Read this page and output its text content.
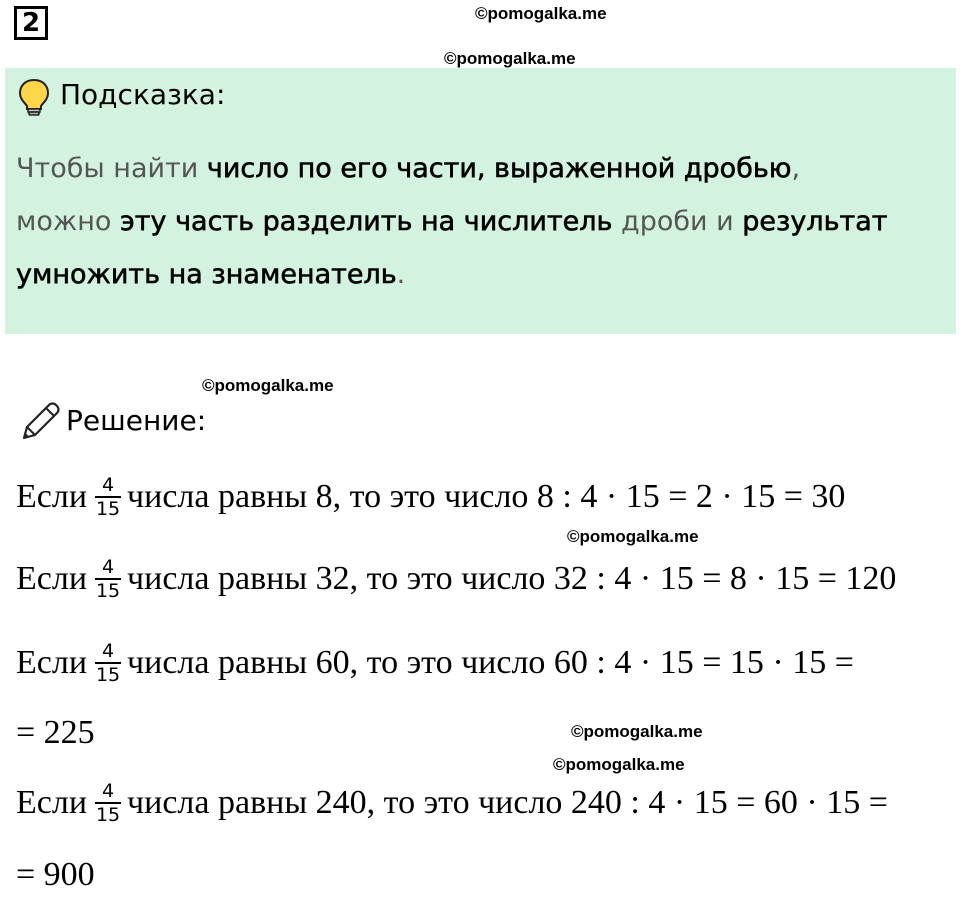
2	©pomogalka.me
©pomogalka.me
Подсказка:
Чтобы найти число по его части, выраженной дробью,
можно эту часть разделить на числитель дроби и результат
умножить на знаменатель.
©pomogalka.me
Решение:
Если $\frac{4}{15}$ числа равны 8, то это число 8 : 4 · 15 = 2 · 15 = 30
©pomogalka.me
Если $\frac{4}{15}$ числа равны 32, то это число 32 : 4 · 15 = 8 · 15 = 120
Если $\frac{4}{15}$ числа равны 60, то это число 60 : 4 · 15 = 15 · 15 =
= 225	©pomogalka.me
©pomogalka.me
Если $\frac{4}{15}$ числа равны 240, то это число 240 : 4 · 15 = 60 · 15 =
= 900
